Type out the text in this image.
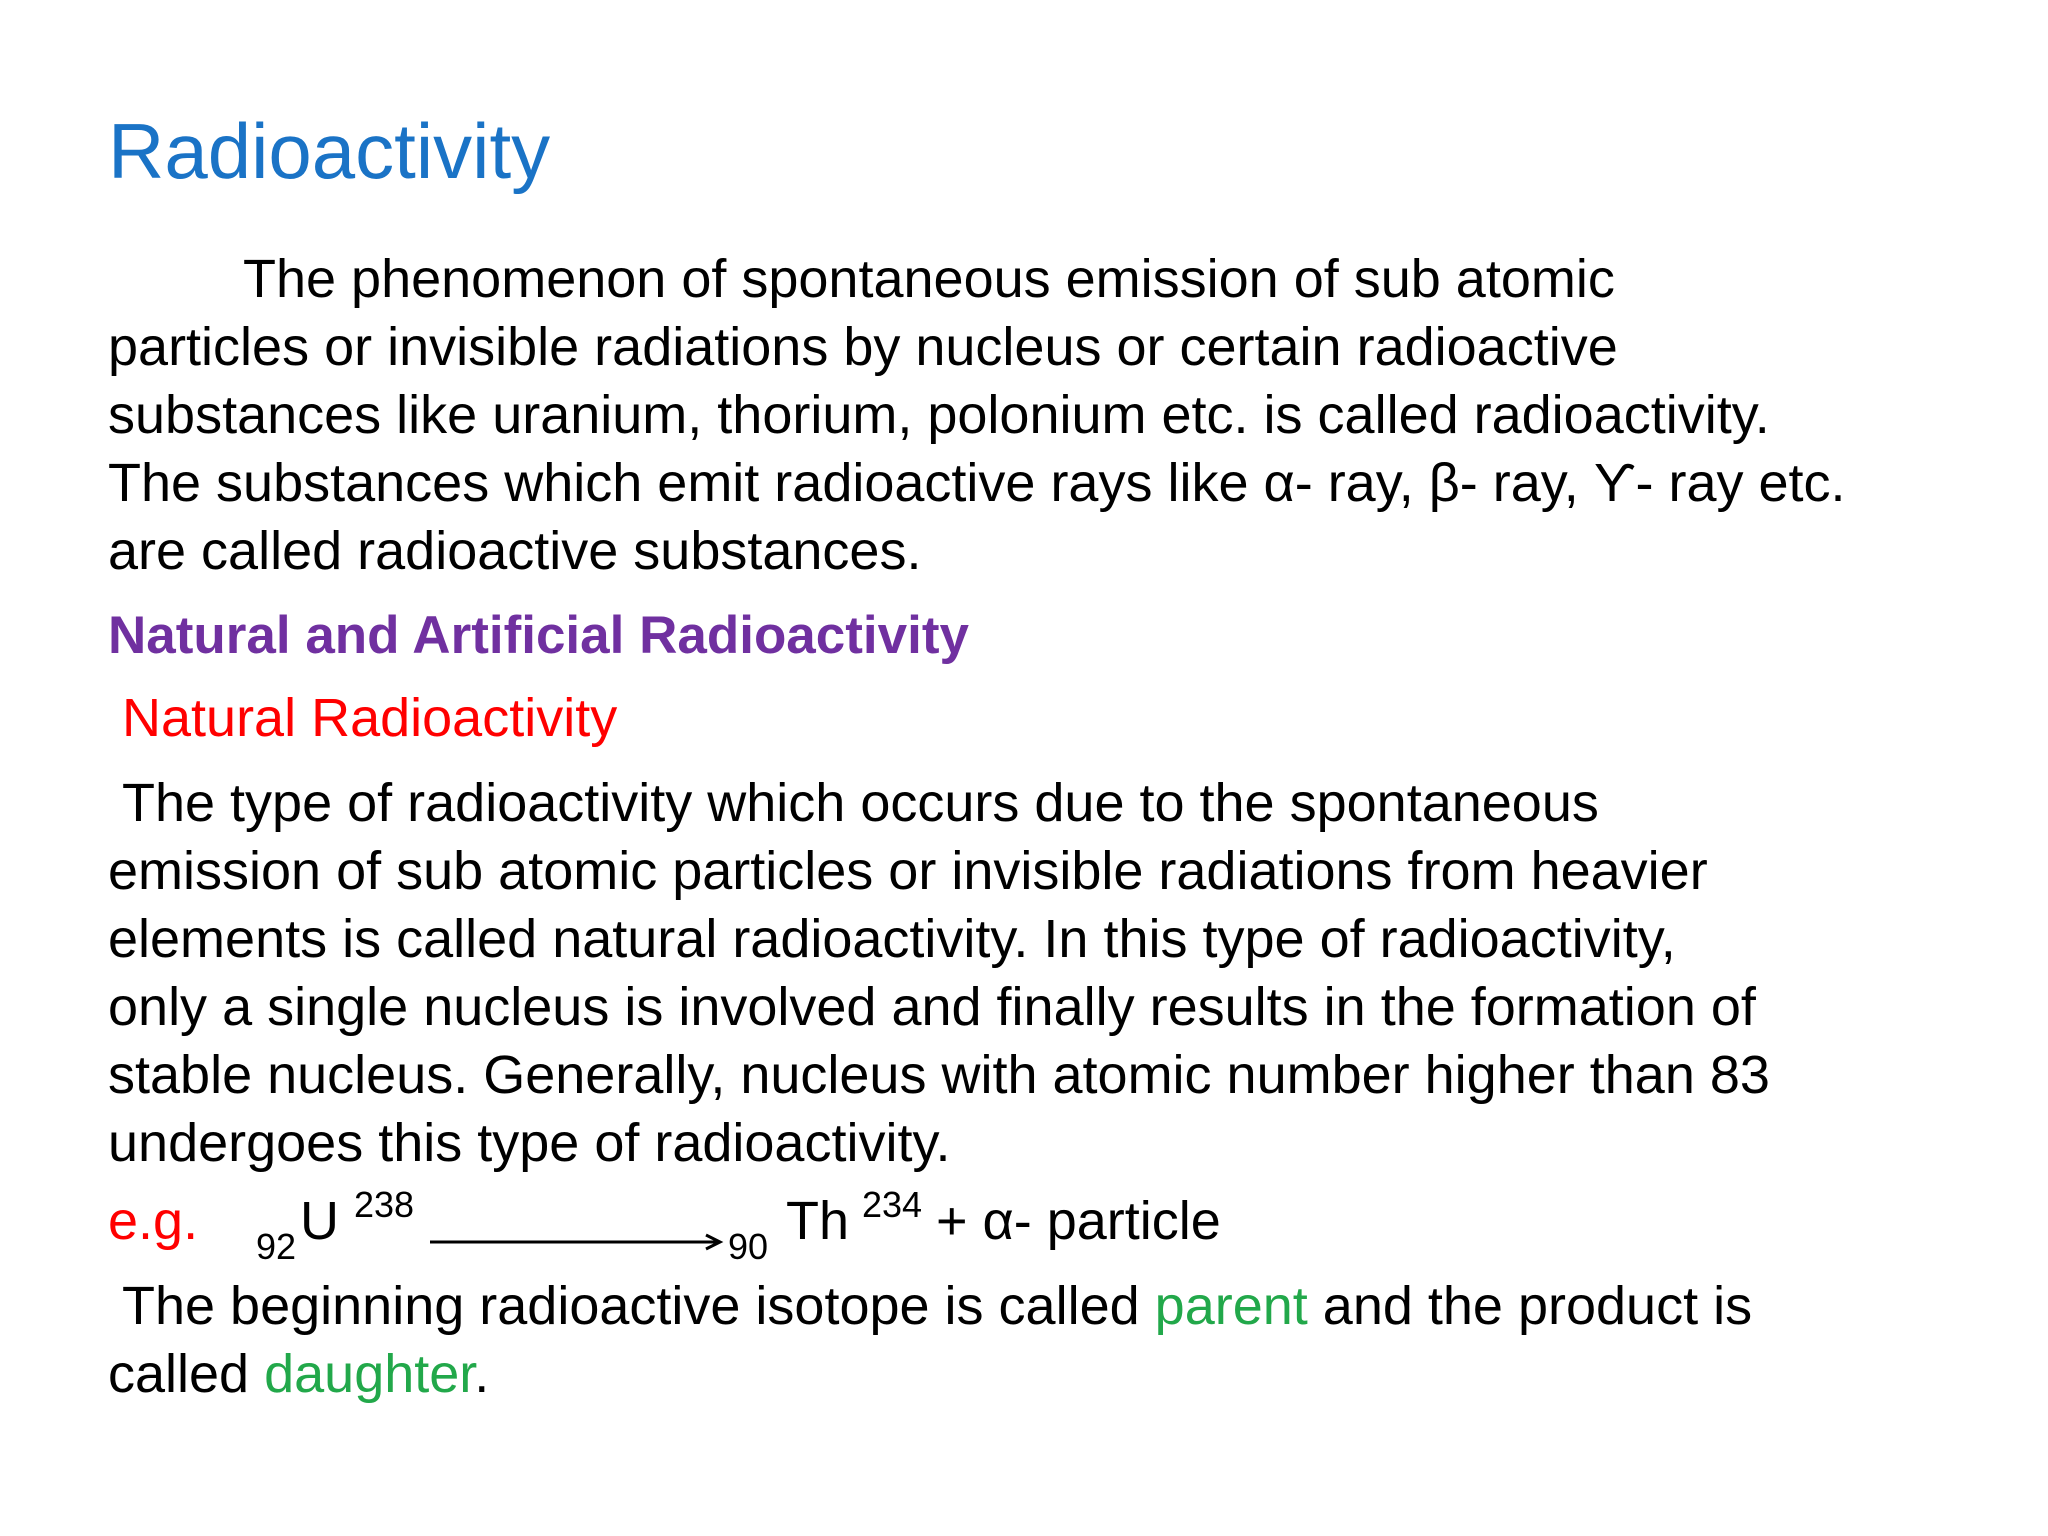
Radioactivity
The phenomenon of spontaneous emission of sub atomic
particles or invisible radiations by nucleus or certain radioactive
substances like uranium, thorium, polonium etc. is called radioactivity.
The substances which emit radioactive rays like α- ray, β- ray, ϒ- ray etc.
are called radioactive substances.
Natural and Artificial Radioactivity
Natural Radioactivity
The type of radioactivity which occurs due to the spontaneous
emission of sub atomic particles or invisible radiations from heavier
elements is called natural radioactivity. In this type of radioactivity,
only a single nucleus is involved and finally results in the formation of
stable nucleus. Generally, nucleus with atomic number higher than 83
undergoes this type of radioactivity.
e.g. 92 U 238
90 Th 234 + α- particle
The beginning radioactive isotope is called parent and the product is
called daughter.
